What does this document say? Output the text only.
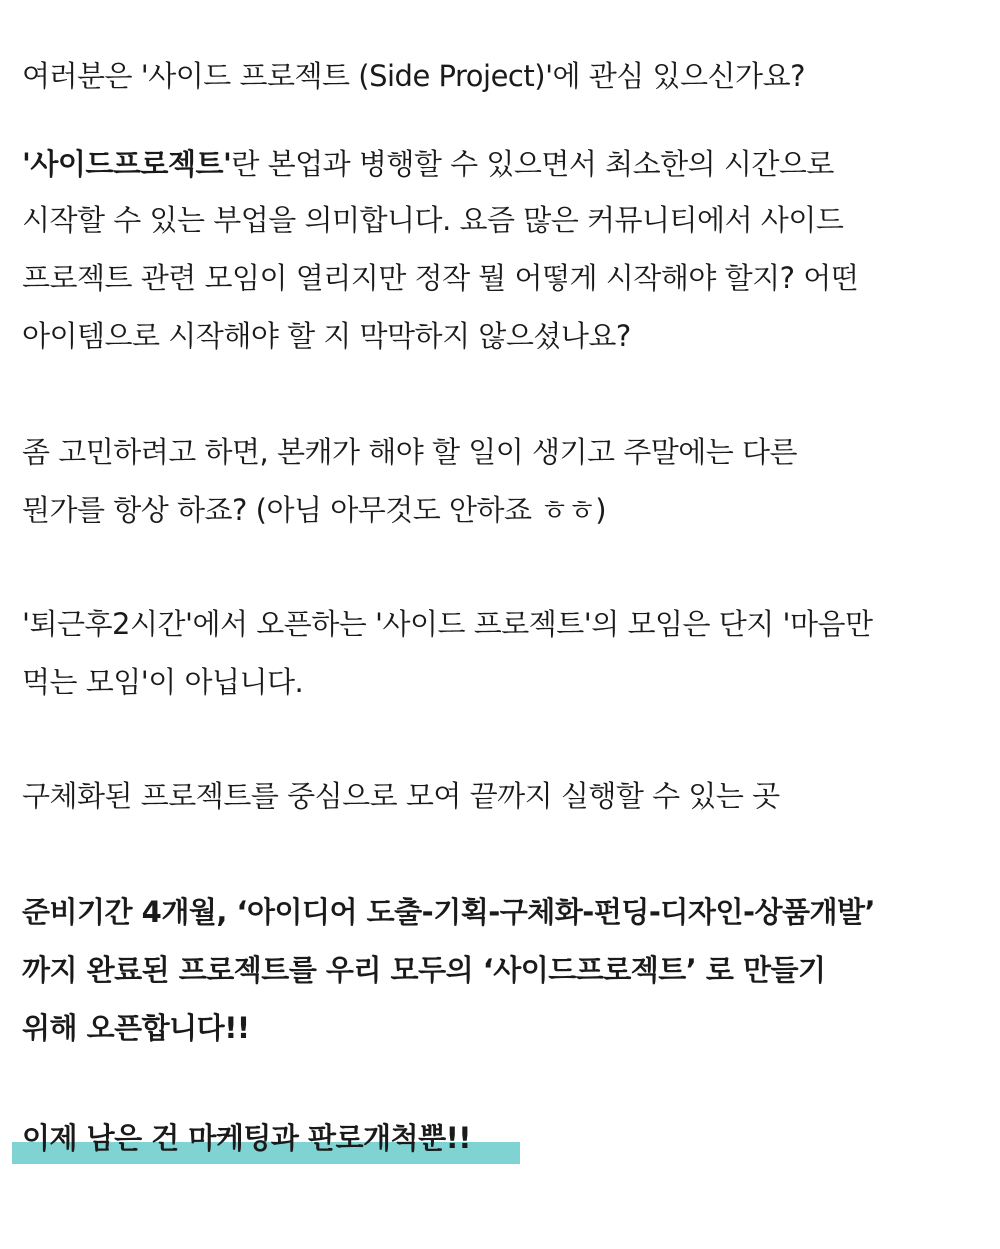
여러분은 '사이드 프로젝트 (Side Project)'에 관심 있으신가요?
'사이드프로젝트'란 본업과 병행할 수 있으면서 최소한의 시간으로
시작할 수 있는 부업을 의미합니다. 요즘 많은 커뮤니티에서 사이드
프로젝트 관련 모임이 열리지만 정작 뭘 어떻게 시작해야 할지? 어떤
아이템으로 시작해야 할 지 막막하지 않으셨나요?
좀 고민하려고 하면, 본캐가 해야 할 일이 생기고 주말에는 다른
뭔가를 항상 하죠? (아님 아무것도 안하죠 ㅎㅎ)
'퇴근후2시간'에서 오픈하는 '사이드 프로젝트'의 모임은 단지 '마음만
먹는 모임'이 아닙니다.
구체화된 프로젝트를 중심으로 모여 끝까지 실행할 수 있는 곳
준비기간 4개월, ‘아이디어 도출-기획-구체화-펀딩-디자인-상품개발’
까지 완료된 프로젝트를 우리 모두의 ‘사이드프로젝트’ 로 만들기
위해 오픈합니다!!
이제 남은 건 마케팅과 판로개척뿐!!
